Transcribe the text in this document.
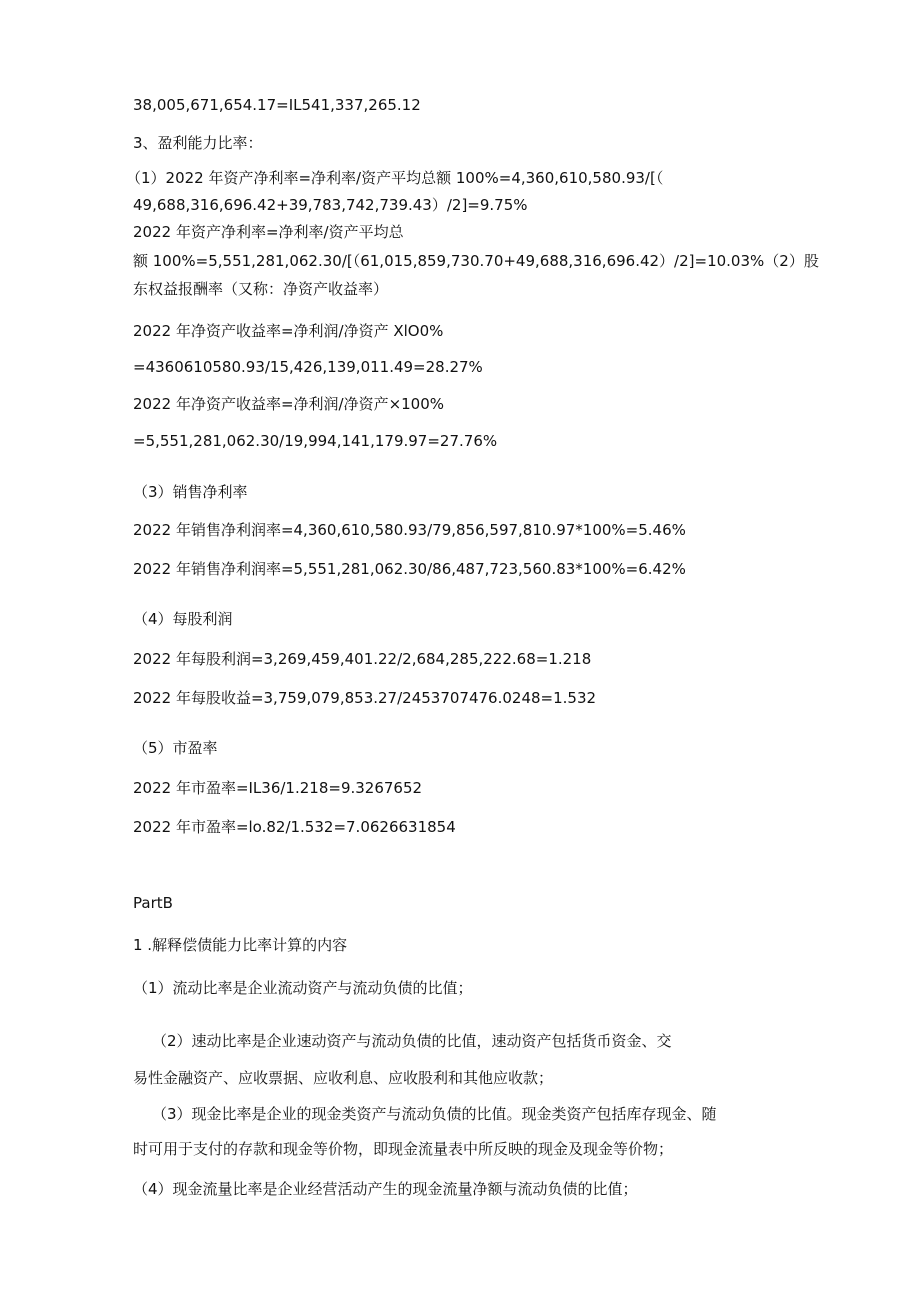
38,005,671,654.17=IL541,337,265.12

3、盈利能力比率：

（1）2022 年资产净利率=净利率/资产平均总额 100%=4,360,610,580.93/[（

49,688,316,696.42+39,783,742,739.43）/2]=9.75%

2022 年资产净利率=净利率/资产平均总

额 100%=5,551,281,062.30/[（61,015,859,730.70+49,688,316,696.42）/2]=10.03%（2）股

东权益报酬率（又称：净资产收益率）

2022 年净资产收益率=净利润/净资产 XlO0%

=4360610580.93/15,426,139,011.49=28.27%

2022 年净资产收益率=净利润/净资产×100%

=5,551,281,062.30/19,994,141,179.97=27.76%

（3）销售净利率

2022 年销售净利润率=4,360,610,580.93/79,856,597,810.97*100%=5.46%

2022 年销售净利润率=5,551,281,062.30/86,487,723,560.83*100%=6.42%

（4）每股利润

2022 年每股利润=3,269,459,401.22/2,684,285,222.68=1.218

2022 年每股收益=3,759,079,853.27/2453707476.0248=1.532

（5）市盈率

2022 年市盈率=IL36/1.218=9.3267652

2022 年市盈率=lo.82/1.532=7.0626631854

PartB

1 .解释偿债能力比率计算的内容

（1）流动比率是企业流动资产与流动负债的比值；

（2）速动比率是企业速动资产与流动负债的比值，速动资产包括货币资金、交

易性金融资产、应收票据、应收利息、应收股利和其他应收款；

（3）现金比率是企业的现金类资产与流动负债的比值。现金类资产包括库存现金、随

时可用于支付的存款和现金等价物，即现金流量表中所反映的现金及现金等价物；

（4）现金流量比率是企业经营活动产生的现金流量净额与流动负债的比值；
